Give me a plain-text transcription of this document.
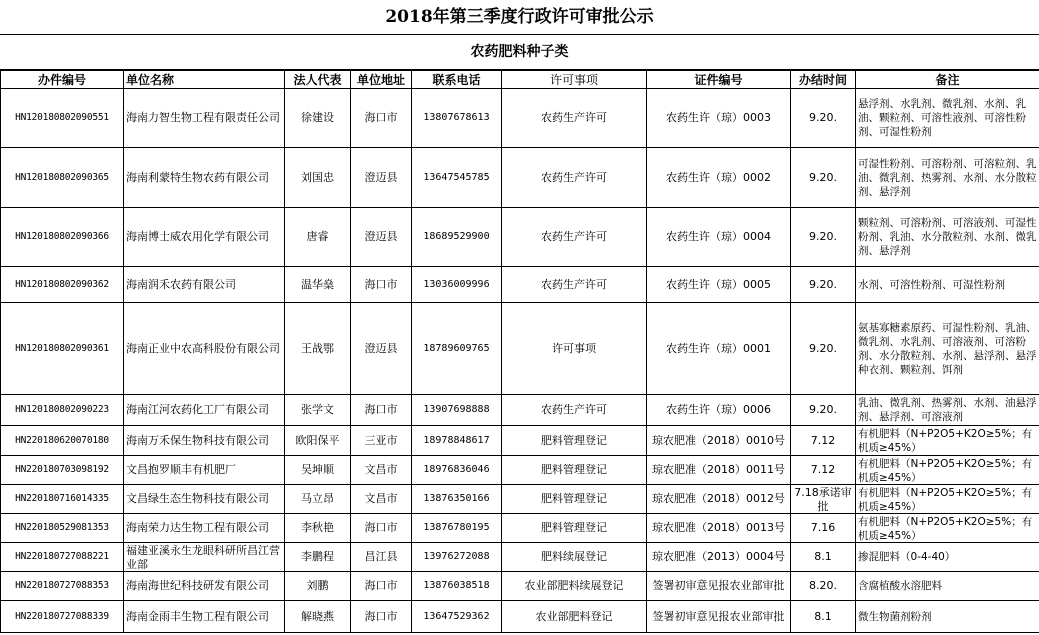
2018年第三季度行政许可审批公示
农药肥料种子类
办件编号	单位名称	法人代表	单位地址	联系电话	许可事项	证件编号	办结时间	备注

HN120180802090551	海南力智生物工程有限责任公司	徐建设	海口市	13807678613	农药生产许可	农药生许（琼）0003	9.20.	悬浮剂、水乳剂、微乳剂、水剂、乳油、颗粒剂、可溶性液剂、可溶性粉剂、可湿性粉剂

HN120180802090365	海南利蒙特生物农药有限公司	刘国忠	澄迈县	13647545785	农药生产许可	农药生许（琼）0002	9.20.	可湿性粉剂、可溶粉剂、可溶粒剂、乳油、微乳剂、热雾剂、水剂、水分散粒剂、悬浮剂

HN120180802090366	海南博士威农用化学有限公司	唐睿	澄迈县	18689529900	农药生产许可	农药生许（琼）0004	9.20.	颗粒剂、可溶粉剂、可溶液剂、可湿性粉剂、乳油、水分散粒剂、水剂、微乳剂、悬浮剂

HN120180802090362	海南润禾农药有限公司	温华燊	海口市	13036009996	农药生产许可	农药生许（琼）0005	9.20.	水剂、可溶性粉剂、可湿性粉剂

HN120180802090361	海南正业中农高科股份有限公司	王战鄂	澄迈县	18789609765	许可事项	农药生许（琼）0001	9.20.	氨基寡糖素原药、可湿性粉剂、乳油、微乳剂、水乳剂、可溶液剂、可溶粉剂、水分散粒剂、水剂、悬浮剂、悬浮种衣剂、颗粒剂、饵剂

HN120180802090223	海南江河农药化工厂有限公司	张学文	海口市	13907698888	农药生产许可	农药生许（琼）0006	9.20.	乳油、微乳剂、热雾剂、水剂、油悬浮剂、悬浮剂、可溶液剂

HN220180620070180	海南万禾保生物科技有限公司	欧阳保平	三亚市	18978848617	肥料管理登记	琼农肥准（2018）0010号	7.12	有机肥料（N+P2O5+K2O≥5%；有机质≥45%）

HN220180703098192	文昌抱罗顺丰有机肥厂	吴坤顺	文昌市	18976836046	肥料管理登记	琼农肥准（2018）0011号	7.12	有机肥料（N+P2O5+K2O≥5%；有机质≥45%）

HN220180716014335	文昌绿生态生物科技有限公司	马立昂	文昌市	13876350166	肥料管理登记	琼农肥准（2018）0012号	7.18承诺审批	有机肥料（N+P2O5+K2O≥5%；有机质≥45%）

HN220180529081353	海南荣力达生物工程有限公司	李秋艳	海口市	13876780195	肥料管理登记	琼农肥准（2018）0013号	7.16	有机肥料（N+P2O5+K2O≥5%；有机质≥45%）

HN220180727088221	福建亚溪永生龙眼科研所昌江营业部	李鹏程	昌江县	13976272088	肥料续展登记	琼农肥准（2013）0004号	8.1	掺混肥料（0-4-40）

HN220180727088353	海南海世纪科技研发有限公司	刘鹏	海口市	13876038518	农业部肥料续展登记	签署初审意见报农业部审批	8.20.	含腐植酸水溶肥料

HN220180727088339	海南金雨丰生物工程有限公司	解晓燕	海口市	13647529362	农业部肥料登记	签署初审意见报农业部审批	8.1	微生物菌剂粉剂
